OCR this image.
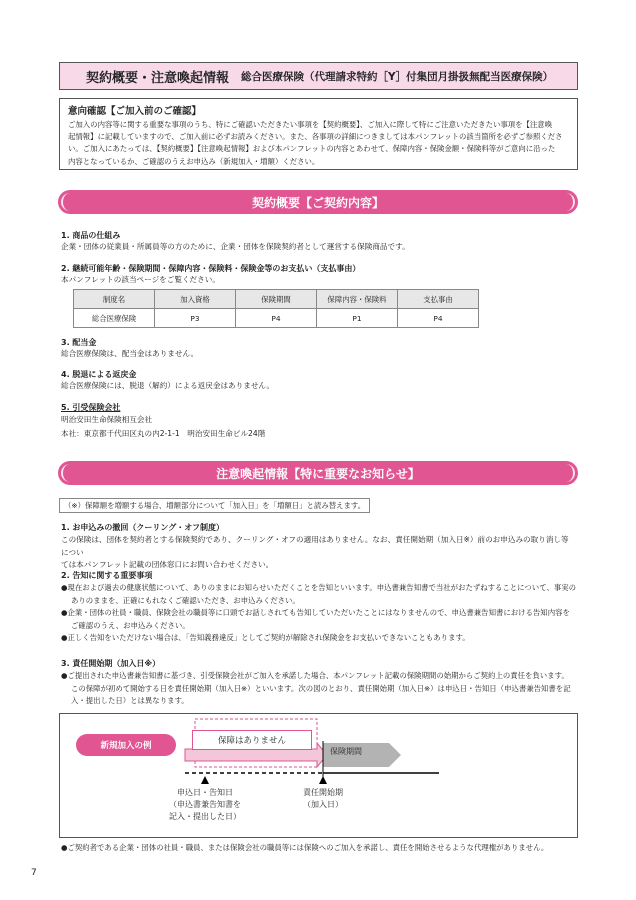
契約概要・注意喚起情報 総合医療保険（代理請求特約［Y］付集団月掛扱無配当医療保険）
意向確認【ご加入前のご確認】
ご加入の内容等に関する重要な事項のうち、特にご確認いただきたい事項を【契約概要】、ご加入に際して特にご注意いただきたい事項を【注意喚
起情報】に記載していますので、ご加入前に必ずお読みください。また、各事項の詳細につきましては本パンフレットの該当箇所を必ずご参照くださ
い。ご加入にあたっては、【契約概要】【注意喚起情報】および本パンフレットの内容とあわせて、保障内容・保険金額・保険料等がご意向に沿った
内容となっているか、ご確認のうえお申込み（新規加入・増額）ください。
契約概要【ご契約内容】
1. 商品の仕組み
企業・団体の従業員・所属員等の方のために、企業・団体を保険契約者として運営する保険商品です。
2. 継続可能年齢・保険期間・保障内容・保険料・保険金等のお支払い（支払事由）
本パンフレットの該当ページをご覧ください。
制度名	加入資格	保険期間	保障内容・保険料	支払事由
総合医療保険	P3	P4	P1	P4
3. 配当金
総合医療保険は、配当金はありません。
4. 脱退による返戻金
総合医療保険には、脱退（解約）による返戻金はありません。
5. 引受保険会社
明治安田生命保険相互会社
本社：東京都千代田区丸の内2-1-1　明治安田生命ビル24階
注意喚起情報【特に重要なお知らせ】
（※）保障額を増額する場合、増額部分について「加入日」を「増額日」と読み替えます。
1. お申込みの撤回（クーリング・オフ制度）
この保険は、団体を契約者とする保険契約であり、クーリング・オフの適用はありません。なお、責任開始期（加入日※）前のお申込みの取り消し等につい
ては本パンフレット記載の団体窓口にお問い合わせください。
2. 告知に関する重要事項
●現在および過去の健康状態について、ありのままにお知らせいただくことを告知といいます。申込書兼告知書で当社がおたずねすることについて、事実のありのままを、正確にもれなくご確認いただき、お申込みください。
●企業・団体の社員・職員、保険会社の職員等に口頭でお話しされても告知していただいたことにはなりませんので、申込書兼告知書における告知内容をご確認のうえ、お申込みください。
●正しく告知をいただけない場合は、「告知義務違反」としてご契約が解除され保険金をお支払いできないこともあります。
3. 責任開始期（加入日※）
●ご提出された申込書兼告知書に基づき、引受保険会社がご加入を承諾した場合、本パンフレット記載の保険期間の始期からご契約上の責任を負います。この保障が初めて開始する日を責任開始期（加入日※）といいます。次の図のとおり、責任開始期（加入日※）は申込日・告知日（申込書兼告知書を記入・提出した日）とは異なります。
新規加入の例	保障はありません
保険期間
申込日・告知日
（申込書兼告知書を
記入・提出した日）
責任開始期
（加入日）
●ご契約者である企業・団体の社員・職員、または保険会社の職員等には保険へのご加入を承諾し、責任を開始させるような代理権がありません。
7
